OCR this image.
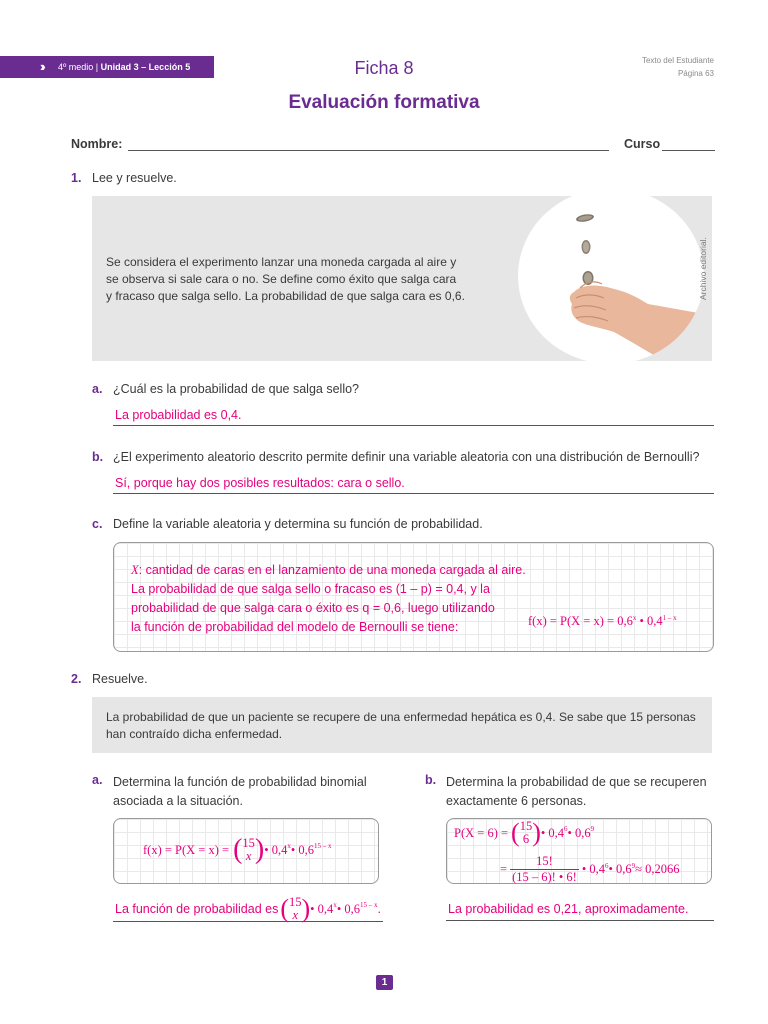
›› 4º medio |
Unidad 3 – Lección 5	Ficha 8	Texto del Estudiante
Página 63
Evaluación formativa
Nombre:	Curso
1. Lee y resuelve.
Se considera el experimento lanzar una moneda cargada al aire y
se observa si sale cara o no. Se define como éxito que salga cara
y fracaso que salga sello. La probabilidad de que salga cara es 0,6.	Archivo editorial.
a. ¿Cuál es la probabilidad de que salga sello?
La probabilidad es 0,4.
b. ¿El experimento aleatorio descrito permite definir una variable aleatoria con una distribución de Bernoulli?
Sí, porque hay dos posibles resultados: cara o sello.
c. Define la variable aleatoria y determina su función de probabilidad.
X: cantidad de caras en el lanzamiento de una moneda cargada al aire.
La probabilidad de que salga sello o fracaso es (1 – p) = 0,4, y la
probabilidad de que salga cara o éxito es q = 0,6, luego utilizando
la función de probabilidad del modelo de Bernoulli se tiene:	$f(x) = P(X = x) = 0,6^x$ • 0,4$^{1 - x}$
2. Resuelve.
La probabilidad de que un paciente se recupere de una enfermedad hepática es 0,4. Se sabe que 15 personas
han contraído dicha enfermedad.
a. Determina la función de probabilidad binomial
asociada a la situación.
f(x) = P(X = x) = ( 15
x ) • 0,4$^x$ • 0,6$^{15 - x}$
La función de probabilidad es ( 15
x ) • 0,4$^x$ • 0,6$^{15 - x}$ .
b. Determina la probabilidad de que se recuperen
exactamente 6 personas.
P(X = 6) = ( 15
6 ) • $0,4^6$ • $0,6^9$
= $\frac{15!}{(15 - 6)! • 6!}$ • $0,4^6$ • $0,6^9 \approx 0,2066$
La probabilidad es 0,21, aproximadamente.
1
